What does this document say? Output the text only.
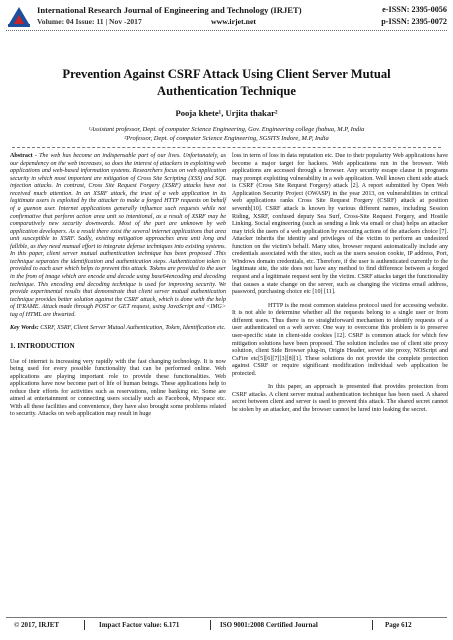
International Research Journal of Engineering and Technology (IRJET)	e-ISSN: 2395-0056
Volume: 04 Issue: 11 | Nov -2017	www.irjet.net	p-ISSN: 2395-0072
Prevention Against CSRF Attack Using Client Server Mutual
Authentication Technique
Pooja khete¹, Urjita thakar²
¹Assistant professor, Dept. of computer Science Engineering, Gov. Engineering college jhabua, M.P, India
²Professor, Dept. of computer Science Engineering, SGSITS Indore, M.P, India

Abstract - The web has become an indispensable part of our lives. Unfortunately, as our dependency on the web increases, so does the interest of attackers in exploiting web applications and web-based information systems. Researchers focus on web application security in which most important are mitigation of Cross Site Scripting (XSS) and SQL injection attacks. In contrast, Cross Site Request Forgery (XSRF) attacks have not received much attention. In an XSRF attack, the trust of a web application in its legitimate users is exploited by the attacker to make a forged HTTP requests on behalf of a guenon user. Internet applications generally influence such requests while not confirmative that perform action area unit so intentional, as a result of XSRF may be comparatively new security downwards. Most of the part are unknown by web application developers. As a result there exist the several internet applications that area unit susceptible to XSRF. Sadly, existing mitigation approaches area unit long and fallible, as they need manual effort to integrate defense techniques into existing systems. In this paper, client server mutual authentication technique has been proposed .This technique separates the identification and authentication steps. Authentication token is provided to each user which helps to prevent this attack. Tokens are provided to the user in the from of image which are encode and decode using base64encoding and decoding technique. This encoding and decoding technique is used for improving security. We provide experimental results that demonstrate that client server mutual authentication technique provides better solution against the CSRF attack, which is done with the help of IFRAME. Attack made through POST or GET request, using JavaScript and <IMG> tag of HTML are thwarted.

Key Words: CSRF, XSRF, Client Server Mutual Authentication, Token, Identification etc.

1. INTRODUCTION

Use of internet is increasing very rapidly with the fast changing technology. It is now being used for every possible functionality that can be performed online. Web applications are playing important role to provide these functionalities. Web applications have now become part of life of human beings. These applications help to reduce their efforts for activities such as reservations, online banking etc. Some are aimed at entertainment or connecting users socially such as Facebook, Myspace etc. With all these facilities and convenience, they have also brought some problems related to security. Attacks on web application may result in huge

loss in term of loss in data reputation etc. Due to their popularity Web applications have become a major target for hackers. Web applications run in the browser. Web applications are accessed through a browser. Any security escape clause in programs may prompt exploiting vulnerability in a web application. Well known client side attack is CSRF (Cross Site Request Forgery) attack [2]. A report submitted by Open Web Application Security Project (OWASP) in the year 2013, on vulnerabilities in critical web applications ranks Cross Site Request Forgery (CSRF) attack at position seventh[10]. CSRF attack is known by various different names, including Session Riding, XSRF, confused deputy Sea Surf, Cross-Site Request Forgery, and Hostile Linking. Social engineering (such as sending a link via email or chat) helps an attacker may trick the users of a web application by executing actions of the attackers choice [7]. Attacker inherits the identity and privileges of the victim to perform an undesired function on the victim's behalf. Many sites, browser request automatically include any credentials associated with the sites, such as the users session cookie, IP address, Port, Windows domain credentials, etc. Therefore, if the user is authenticated currently to the legitimate site, the site does not have any method to find difference between a forged request and a legitimate request sent by the victim. CSRF attacks target the functionality that causes a state change on the server, such as changing the victims email address, password, purchasing choice etc [10] [11].

HTTP is the most common stateless protocol used for accessing website. It is not able to determine whether all the requests belong to a single user or from different users. Thus there is no straightforward mechanism to identify requests of a user authenticated on a web server. One way to overcome this problem is to preserve user-specific state in client-side cookies [12]. CSRF is common attack for which few mitigation solutions have been proposed. The solution includes use of client site proxy solution, client Side Browser plug-in, Origin Header, server site proxy, NOScript and CsFire etc[5][6][7][3][8][1]. These solutions do not provide the complete protection against CSRF or require significant modification individual web application be protected.

In this paper, an approach is presented that provides protection from CSRF attacks. A client server mutual authentication technique has been used. A shared secret between client and server is used to prevent this attack. The shared secret cannot be stolen by an attacker, and the browser cannot be lured into leaking the secret.

© 2017, IRJET	Impact Factor value: 6.171	ISO 9001:2008 Certified Journal	Page 612
